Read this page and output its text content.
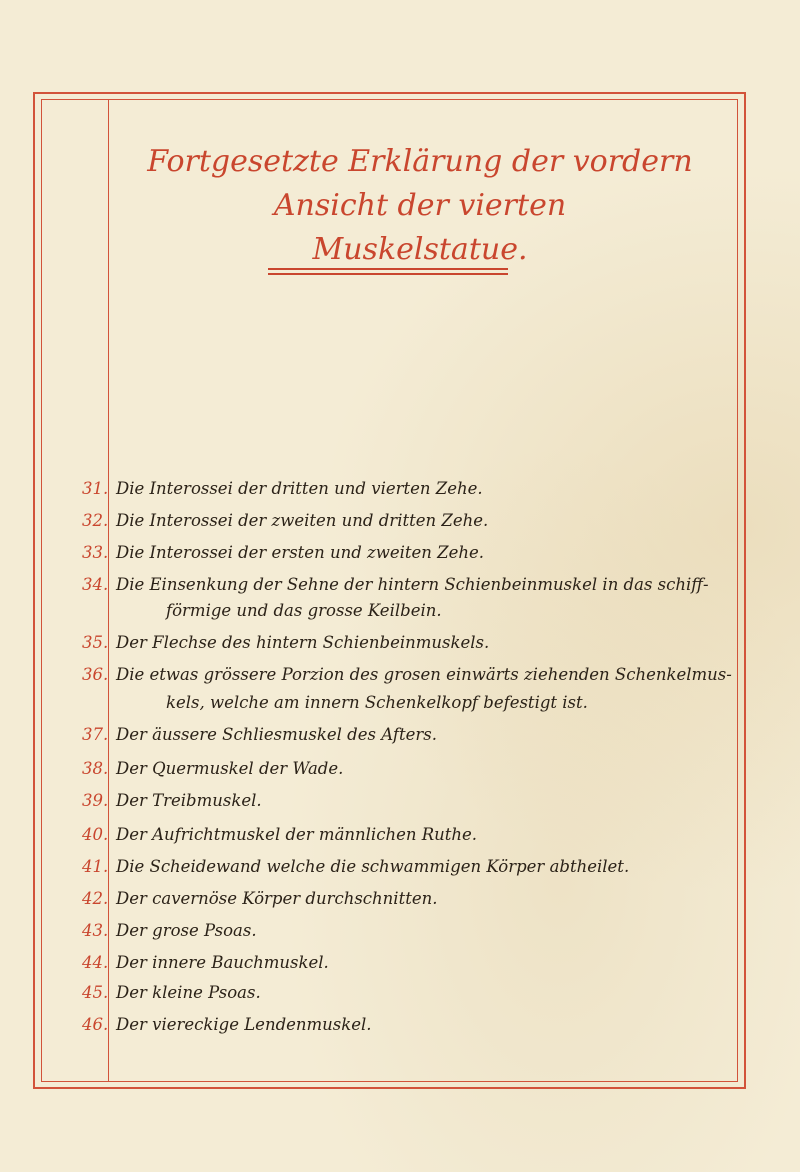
Fortgesetzte Erklärung der vordern Ansicht der vierten
Muskelstatue.
31. Die Interossei der dritten und vierten Zehe.
32. Die Interossei der zweiten und dritten Zehe.
33. Die Interossei der ersten und zweiten Zehe.
34. Die Einsenkung der Sehne der hintern Schienbeinmuskel in das schiff-
förmige und das grosse Keilbein.
35. Der Flechse des hintern Schienbeinmuskels.
36. Die etwas grössere Porzion des grosen einwärts ziehenden Schenkelmus-
kels, welche am innern Schenkelkopf befestigt ist.
37. Der äussere Schliesmuskel des Afters.
38. Der Quermuskel der Wade.
39. Der Treibmuskel.
40. Der Aufrichtmuskel der männlichen Ruthe.
41. Die Scheidewand welche die schwammigen Körper abtheilet.
42. Der cavernöse Körper durchschnitten.
43. Der grose Psoas.
44. Der innere Bauchmuskel.
45. Der kleine Psoas.
46. Der viereckige Lendenmuskel.
